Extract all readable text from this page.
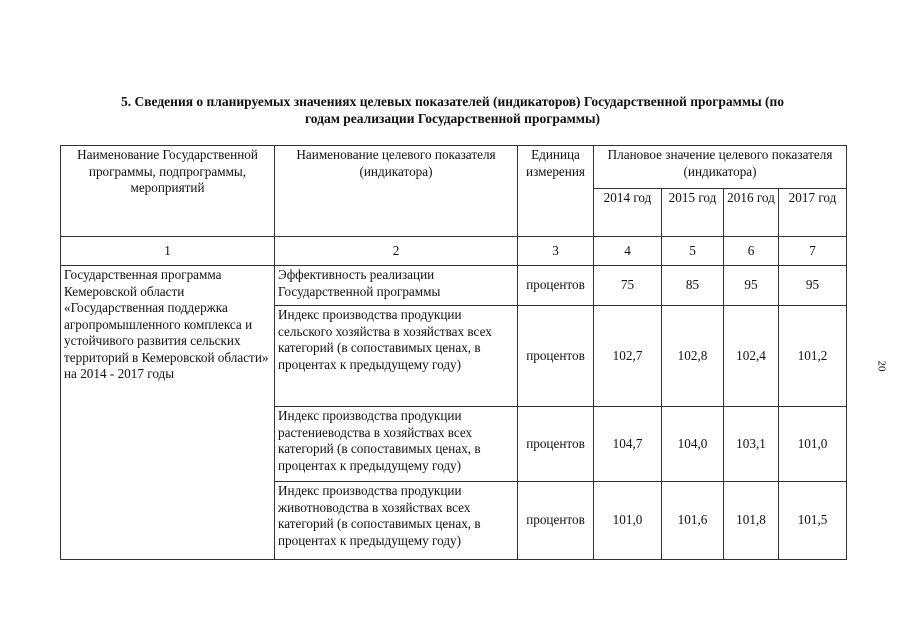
5. Сведения о планируемых значениях целевых показателей (индикаторов) Государственной программы (по
годам реализации Государственной программы)
Наименование Государственной программы, подпрограммы, мероприятий	Наименование целевого показателя (индикатора)	Единица измерения	Плановое значение целевого показателя (индикатора)			
			2014 год	2015 год	2016 год	2017 год
1	2	3	4	5	6	7
Государственная программа Кемеровской области «Государственная поддержка агропромышленного комплекса и устойчивого развития сельских территорий в Кемеровской области» на 2014 - 2017 годы	Эффективность реализации Государственной программы	процентов	75	85	95	95
	Индекс производства продукции сельского хозяйства в хозяйствах всех категорий (в сопоставимых ценах, в процентах к предыдущему году)	процентов	102,7	102,8	102,4	101,2
	Индекс производства продукции растениеводства в хозяйствах всех категорий (в сопоставимых ценах, в процентах к предыдущему году)	процентов	104,7	104,0	103,1	101,0
	Индекс производства продукции животноводства в хозяйствах всех категорий (в сопоставимых ценах, в процентах к предыдущему году)	процентов	101,0	101,6	101,8	101,5
20
